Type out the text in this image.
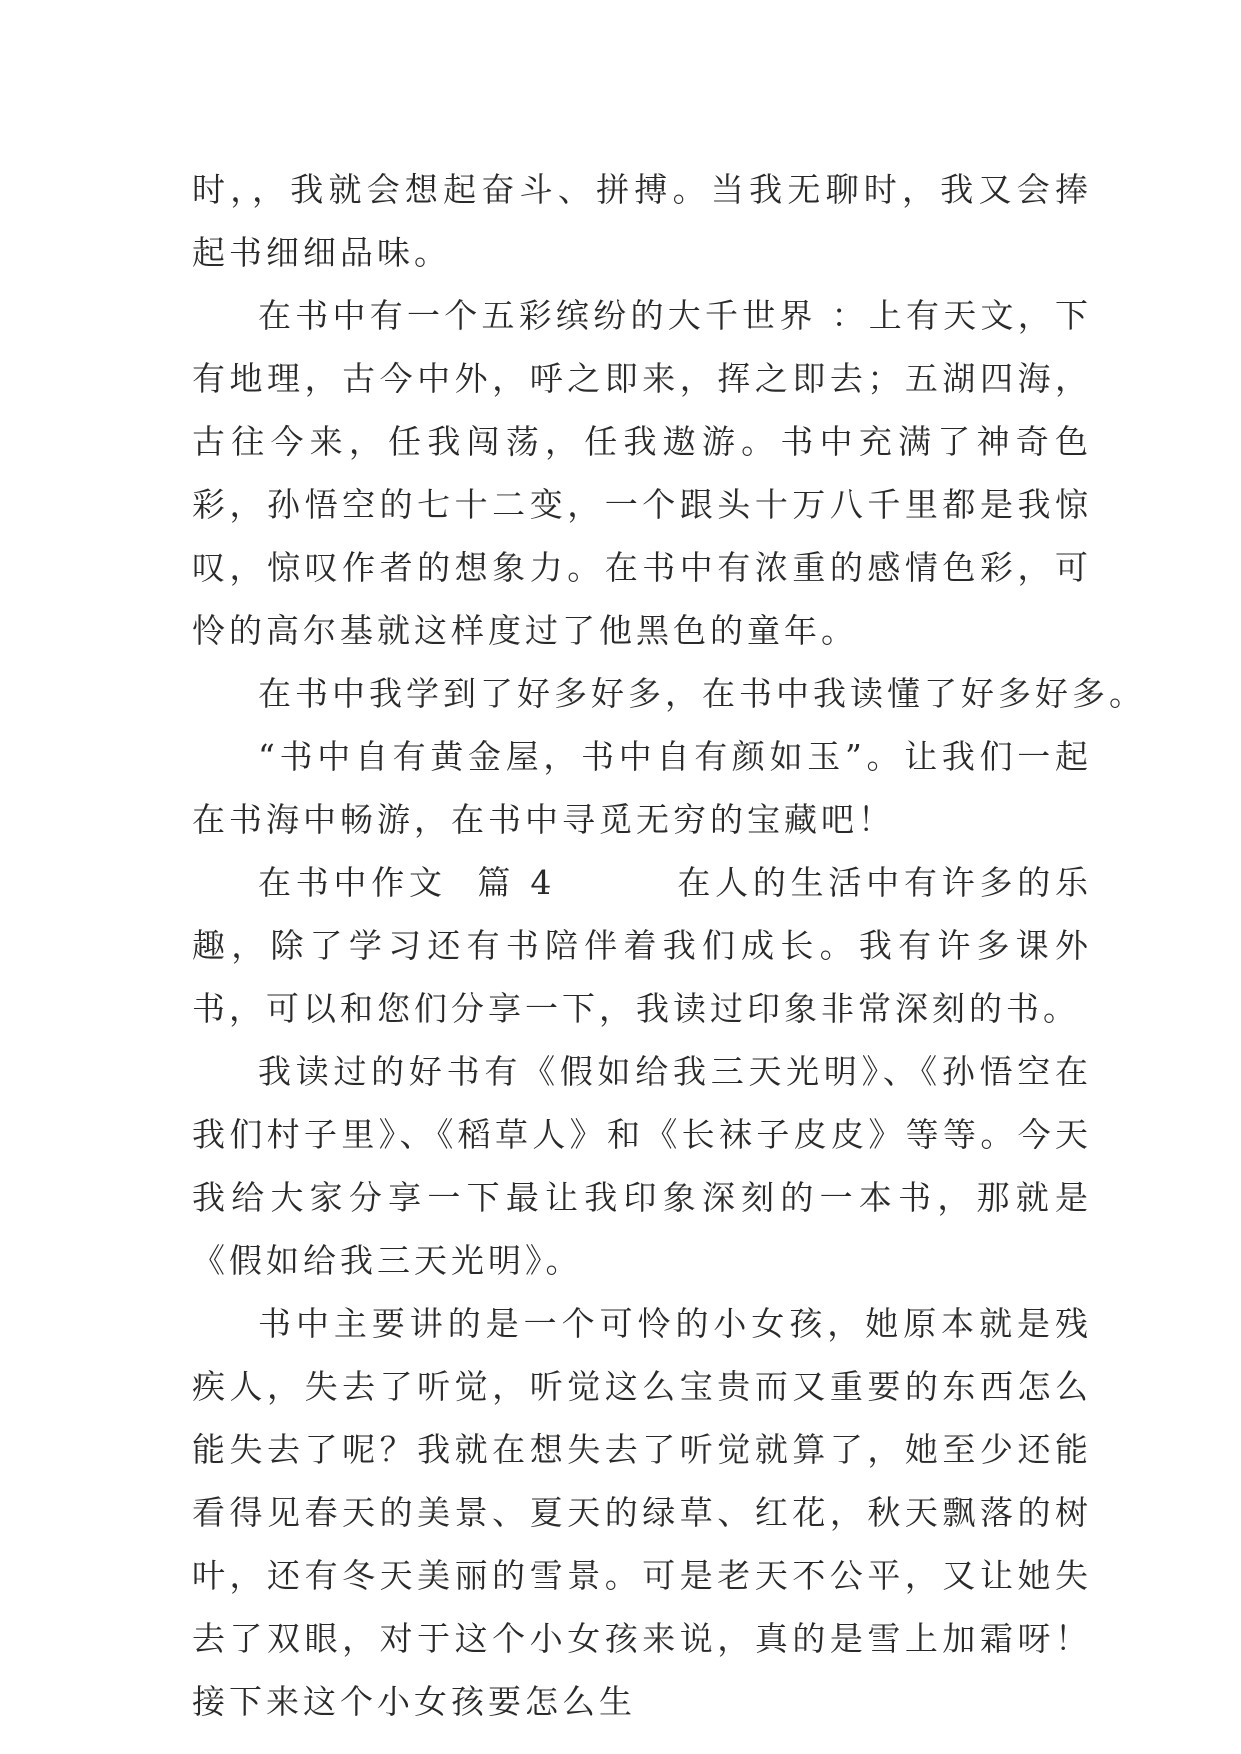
时，，我就会想起奋斗、拼搏。当我无聊时，我又会捧起书细细品味。

在书中有一个五彩缤纷的大千世界 ：上有天文，下有地理，古今中外，呼之即来，挥之即去；五湖四海，古往今来，任我闯荡，任我遨游。书中充满了神奇色彩，孙悟空的七十二变，一个跟头十万八千里都是我惊叹，惊叹作者的想象力。在书中有浓重的感情色彩，可怜的高尔基就这样度过了他黑色的童年。

在书中我学到了好多好多，在书中我读懂了好多好多。

“书中自有黄金屋，书中自有颜如玉”。让我们一起在书海中畅游，在书中寻觅无穷的宝藏吧！

在书中作文  篇 4        在人的生活中有许多的乐趣，除了学习还有书陪伴着我们成长。我有许多课外书，可以和您们分享一下，我读过印象非常深刻的书。

我读过的好书有《假如给我三天光明》、《孙悟空在我们村子里》、《稻草人》和《长袜子皮皮》等等。今天我给大家分享一下最让我印象深刻的一本书，那就是《假如给我三天光明》。

书中主要讲的是一个可怜的小女孩，她原本就是残疾人，失去了听觉，听觉这么宝贵而又重要的东西怎么能失去了呢？我就在想失去了听觉就算了，她至少还能看得见春天的美景、夏天的绿草、红花，秋天飘落的树叶，还有冬天美丽的雪景。可是老天不公平，又让她失去了双眼，对于这个小女孩来说，真的是雪上加霜呀！接下来这个小女孩要怎么生
